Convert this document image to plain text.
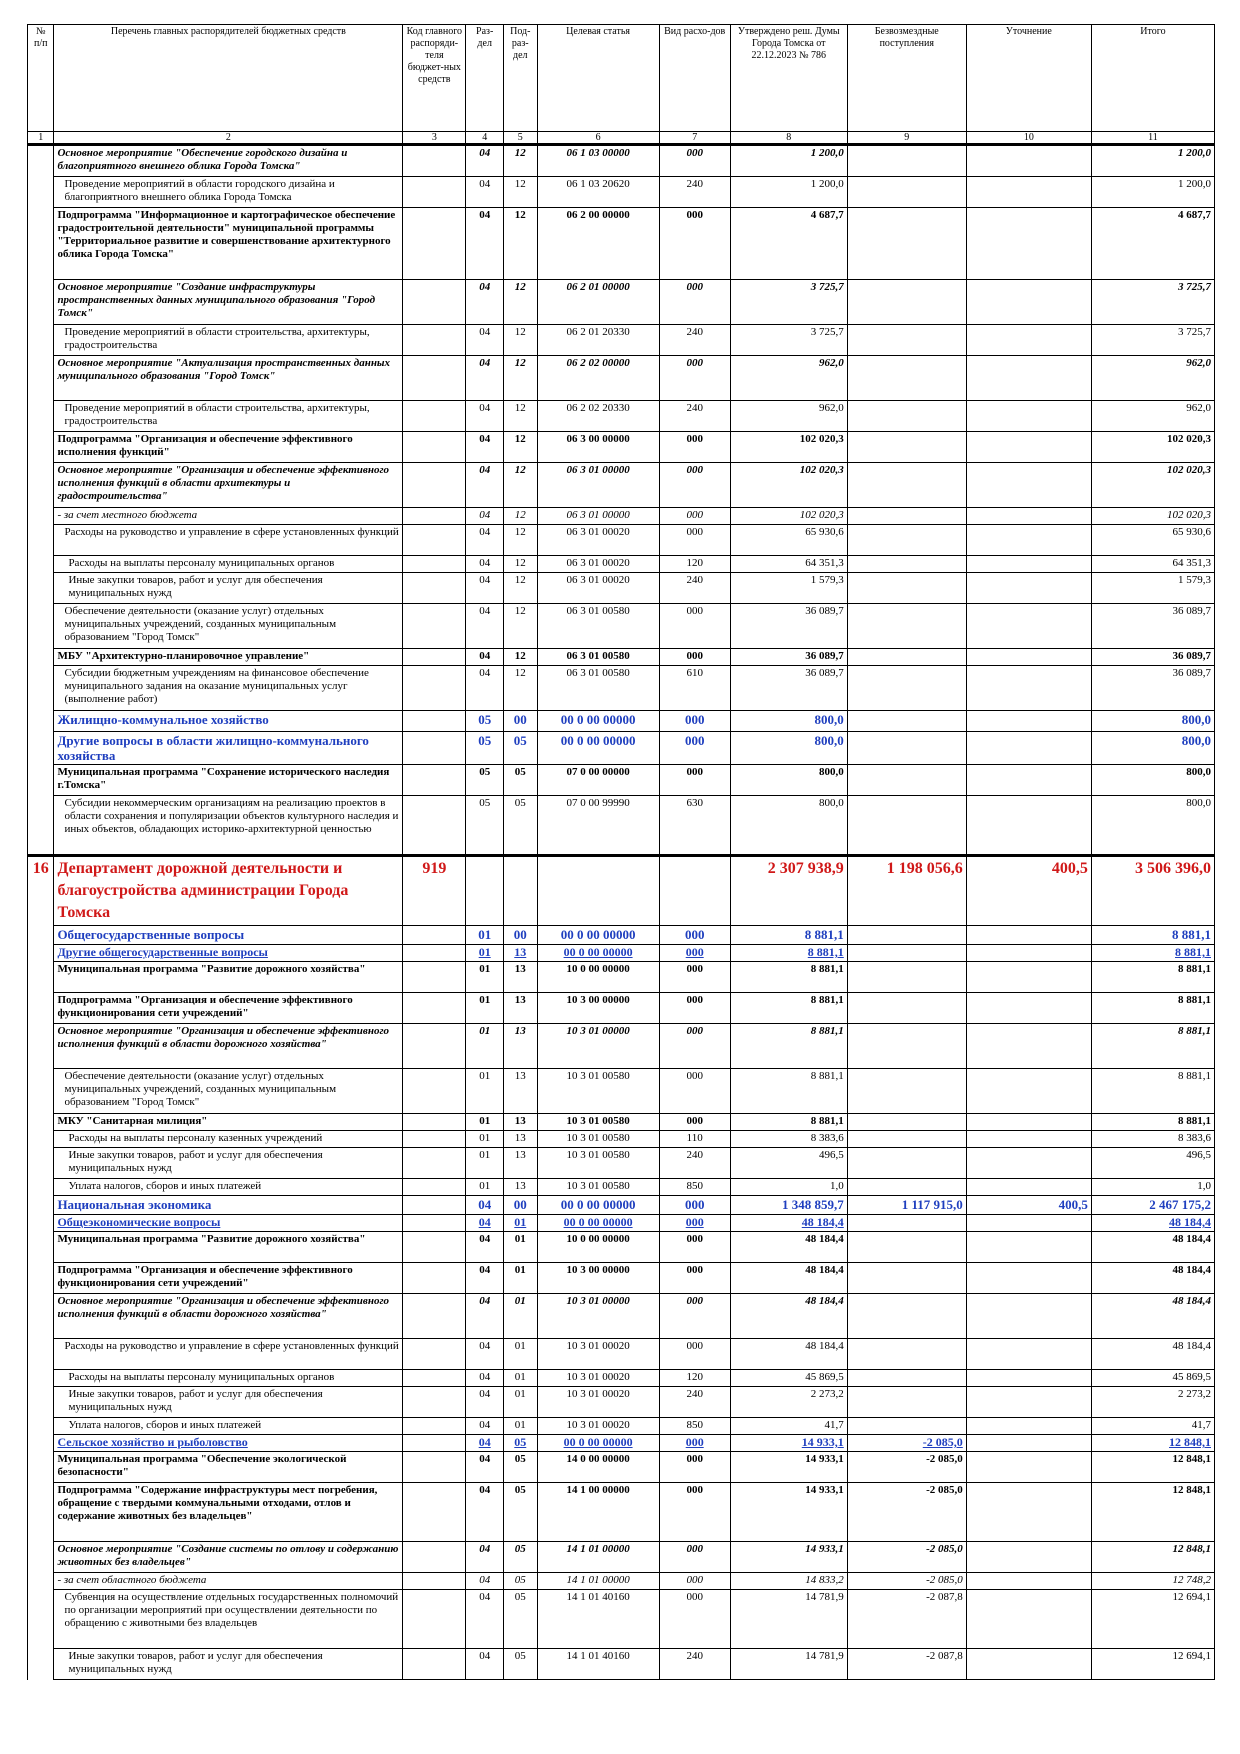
№ п/п	Перечень главных распорядителей бюджетных средств	Код главного распоряди-теля бюджет-ных средств	Раз-дел	Под-раз-дел	Целевая статья	Вид расхо-дов	Утверждено реш. Думы Города Томска от 22.12.2023 № 786	Безвозмездные поступления	Уточнение	Итого
1	2	3	4	5	6	7	8	9	10	11
	Основное мероприятие "Обеспечение городского дизайна и благоприятного внешнего облика Города Томска"		04	12	06 1 03 00000	000	1 200,0			1 200,0
	Проведение мероприятий в области городского дизайна и благоприятного внешнего облика Города Томска		04	12	06 1 03 20620	240	1 200,0			1 200,0
	Подпрограмма "Информационное и картографическое обеспечение градостроительной деятельности" муниципальной программы "Территориальное развитие и совершенствование архитектурного облика Города Томска"		04	12	06 2 00 00000	000	4 687,7			4 687,7
	Основное мероприятие "Создание инфраструктуры пространственных данных муниципального образования "Город Томск"		04	12	06 2 01 00000	000	3 725,7			3 725,7
	Проведение мероприятий в области строительства, архитектуры, градостроительства		04	12	06 2 01 20330	240	3 725,7			3 725,7
	Основное мероприятие "Актуализация пространственных данных муниципального образования "Город Томск"		04	12	06 2 02 00000	000	962,0			962,0
	Проведение мероприятий в области строительства, архитектуры, градостроительства		04	12	06 2 02 20330	240	962,0			962,0
	Подпрограмма "Организация и обеспечение эффективного исполнения функций"		04	12	06 3 00 00000	000	102 020,3			102 020,3
	Основное мероприятие "Организация и обеспечение эффективного исполнения функций в области архитектуры и градостроительства"		04	12	06 3 01 00000	000	102 020,3			102 020,3
	- за счет местного бюджета		04	12	06 3 01 00000	000	102 020,3			102 020,3
	Расходы на руководство и управление в сфере установленных функций		04	12	06 3 01 00020	000	65 930,6			65 930,6
	Расходы на выплаты персоналу муниципальных органов		04	12	06 3 01 00020	120	64 351,3			64 351,3
	Иные закупки товаров, работ и услуг для обеспечения муниципальных нужд		04	12	06 3 01 00020	240	1 579,3			1 579,3
	Обеспечение деятельности (оказание услуг) отдельных муниципальных учреждений, созданных муниципальным образованием "Город Томск"		04	12	06 3 01 00580	000	36 089,7			36 089,7
	МБУ "Архитектурно-планировочное управление"		04	12	06 3 01 00580	000	36 089,7			36 089,7
	Субсидии бюджетным учреждениям на финансовое обеспечение муниципального задания на оказание муниципальных услуг (выполнение работ)		04	12	06 3 01 00580	610	36 089,7			36 089,7
	Жилищно-коммунальное хозяйство		05	00	00 0 00 00000	000	800,0			800,0
	Другие вопросы в области жилищно-коммунального хозяйства		05	05	00 0 00 00000	000	800,0			800,0
	Муниципальная программа "Сохранение исторического наследия г.Томска"		05	05	07 0 00 00000	000	800,0			800,0
	Субсидии некоммерческим организациям на реализацию проектов в области сохранения и популяризации объектов культурного наследия и иных объектов, обладающих историко-архитектурной ценностью		05	05	07 0 00 99990	630	800,0			800,0
16	Департамент дорожной деятельности и благоустройства администрации Города Томска	919					2 307 938,9	1 198 056,6	400,5	3 506 396,0
	Общегосударственные вопросы		01	00	00 0 00 00000	000	8 881,1			8 881,1
	Другие общегосударственные вопросы		01	13	00 0 00 00000	000	8 881,1			8 881,1
	Муниципальная программа "Развитие дорожного хозяйства"		01	13	10 0 00 00000	000	8 881,1			8 881,1
	Подпрограмма "Организация и обеспечение эффективного функционирования сети учреждений"		01	13	10 3 00 00000	000	8 881,1			8 881,1
	Основное мероприятие "Организация и обеспечение эффективного исполнения функций в области дорожного хозяйства"		01	13	10 3 01 00000	000	8 881,1			8 881,1
	Обеспечение деятельности (оказание услуг) отдельных муниципальных учреждений, созданных муниципальным образованием "Город Томск"		01	13	10 3 01 00580	000	8 881,1			8 881,1
	МКУ "Санитарная милиция"		01	13	10 3 01 00580	000	8 881,1			8 881,1
	Расходы на выплаты персоналу казенных учреждений		01	13	10 3 01 00580	110	8 383,6			8 383,6
	Иные закупки товаров, работ и услуг для обеспечения муниципальных нужд		01	13	10 3 01 00580	240	496,5			496,5
	Уплата налогов, сборов и иных платежей		01	13	10 3 01 00580	850	1,0			1,0
	Национальная экономика		04	00	00 0 00 00000	000	1 348 859,7	1 117 915,0	400,5	2 467 175,2
	Общеэкономические вопросы		04	01	00 0 00 00000	000	48 184,4			48 184,4
	Муниципальная программа "Развитие дорожного хозяйства"		04	01	10 0 00 00000	000	48 184,4			48 184,4
	Подпрограмма "Организация и обеспечение эффективного функционирования сети учреждений"		04	01	10 3 00 00000	000	48 184,4			48 184,4
	Основное мероприятие "Организация и обеспечение эффективного исполнения функций в области дорожного хозяйства"		04	01	10 3 01 00000	000	48 184,4			48 184,4
	Расходы на руководство и управление в сфере установленных функций		04	01	10 3 01 00020	000	48 184,4			48 184,4
	Расходы на выплаты персоналу муниципальных органов		04	01	10 3 01 00020	120	45 869,5			45 869,5
	Иные закупки товаров, работ и услуг для обеспечения муниципальных нужд		04	01	10 3 01 00020	240	2 273,2			2 273,2
	Уплата налогов, сборов и иных платежей		04	01	10 3 01 00020	850	41,7			41,7
	Сельское хозяйство и рыболовство		04	05	00 0 00 00000	000	14 933,1	-2 085,0		12 848,1
	Муниципальная программа "Обеспечение экологической безопасности"		04	05	14 0 00 00000	000	14 933,1	-2 085,0		12 848,1
	Подпрограмма "Содержание инфраструктуры мест погребения, обращение с твердыми коммунальными отходами, отлов и содержание животных без владельцев"		04	05	14 1 00 00000	000	14 933,1	-2 085,0		12 848,1
	Основное мероприятие "Создание системы по отлову и содержанию животных без владельцев"		04	05	14 1 01 00000	000	14 933,1	-2 085,0		12 848,1
	- за счет областного бюджета		04	05	14 1 01 00000	000	14 833,2	-2 085,0		12 748,2
	Субвенция на осуществление отдельных государственных полномочий по организации мероприятий при осуществлении деятельности по обращению с животными без владельцев		04	05	14 1 01 40160	000	14 781,9	-2 087,8		12 694,1
	Иные закупки товаров, работ и услуг для обеспечения муниципальных нужд		04	05	14 1 01 40160	240	14 781,9	-2 087,8		12 694,1
